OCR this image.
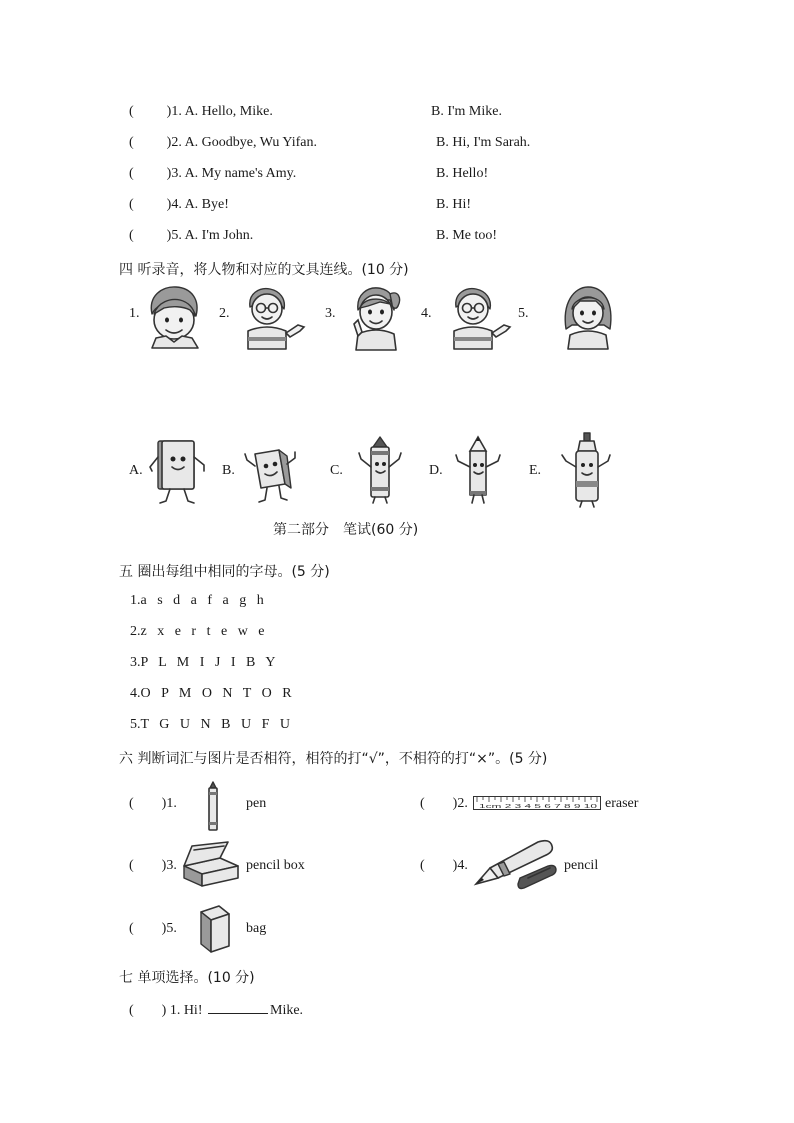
( )1. A. Hello, Mike.	B. I'm Mike.
( )2. A. Goodbye, Wu Yifan.	B. Hi, I'm Sarah.
( )3. A. My name's Amy.	B. Hello!
( )4. A. Bye!	B. Hi!
( )5. A. I'm John.	B. Me too!
四 听录音，将人物和对应的文具连线。(10 分)
1.	2.	3.	4.	5.
A.	B.	C.	D.	E.
第二部分　笔试(60 分)
五 圈出每组中相同的字母。(5 分)
1.a   s   d   a   f   a   g   h
2.z   x   e   r   t   e   w   e
3.P   L   M   I   J   I   B   Y
4.O   P   M   O   N   T   O   R
5.T   G   U   N   B   U   F   U
六 判断词汇与图片是否相符，相符的打“√”，不相符的打“×”。(5 分)
( )1.	pen	( )2. 1cm 2 3 4 5 6 7 8 9 10 eraser
( )3.	pencil box	( )4.	pencil
( )5.	bag
七 单项选择。(10 分)
(　　) 1. Hi!	Mike.
